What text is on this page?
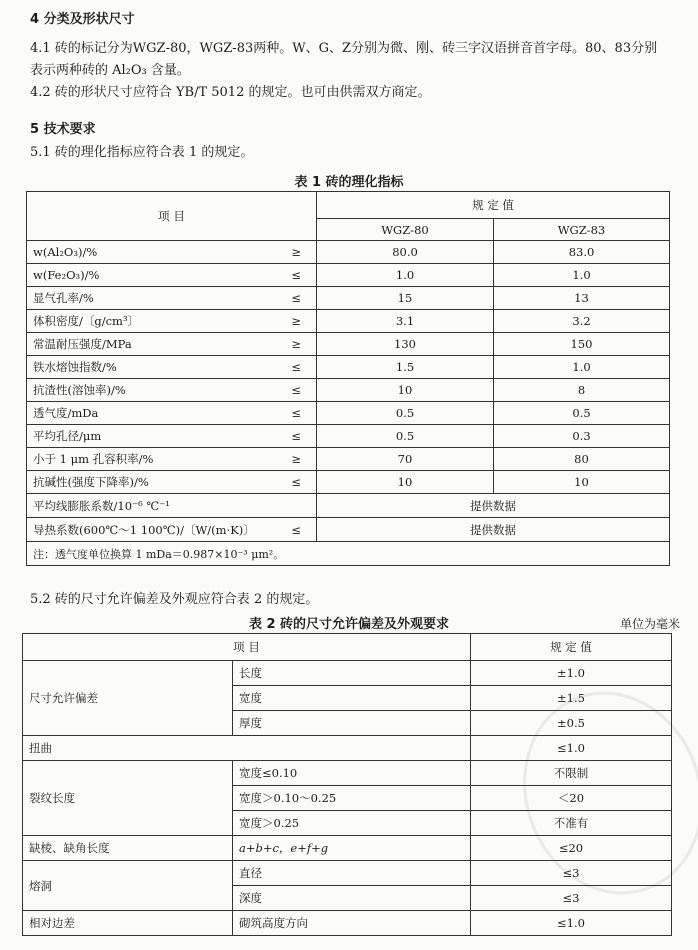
4 分类及形状尺寸
4.1 砖的标记分为WGZ-80，WGZ-83两种。W、G、Z分别为微、刚、砖三字汉语拼音首字母。80、83分别表示两种砖的 Al₂O₃ 含量。
4.2 砖的形状尺寸应符合 YB/T 5012 的规定。也可由供需双方商定。
5 技术要求
5.1 砖的理化指标应符合表 1 的规定。
表 1 砖的理化指标
项 目		规 定 值	
		WGZ-80	WGZ-83
w(Al₂O₃)/%	≥	80.0	83.0
w(Fe₂O₃)/%	≤	1.0	1.0
显气孔率/%	≤	15	13
体积密度/〔g/cm³〕	≥	3.1	3.2
常温耐压强度/MPa	≥	130	150
铁水熔蚀指数/%	≤	1.5	1.0
抗渣性(溶蚀率)/%	≤	10	8
透气度/mDa	≤	0.5	0.5
平均孔径/μm	≤	0.5	0.3
小于 1 μm 孔容积率/%	≥	70	80
抗碱性(强度下降率)/%	≤	10	10
平均线膨胀系数/10⁻⁶ ℃⁻¹		提供数据	
导热系数(600℃～1 100℃)/〔W/(m·K)〕	≤	提供数据	
注：透气度单位换算 1 mDa＝0.987×10⁻³ μm²。			
5.2 砖的尺寸允许偏差及外观应符合表 2 的规定。
表 2 砖的尺寸允许偏差及外观要求	单位为毫米
项 目		规 定 值
尺寸允许偏差	长度	±1.0
	宽度	±1.5
	厚度	±0.5
扭曲		≤1.0
裂纹长度	宽度≤0.10	不限制
	宽度＞0.10～0.25	＜20
	宽度＞0.25	不准有
缺棱、缺角长度	a+b+c，e+f+g	≤20
熔洞	直径	≤3
	深度	≤3
相对边差	砌筑高度方向	≤1.0
